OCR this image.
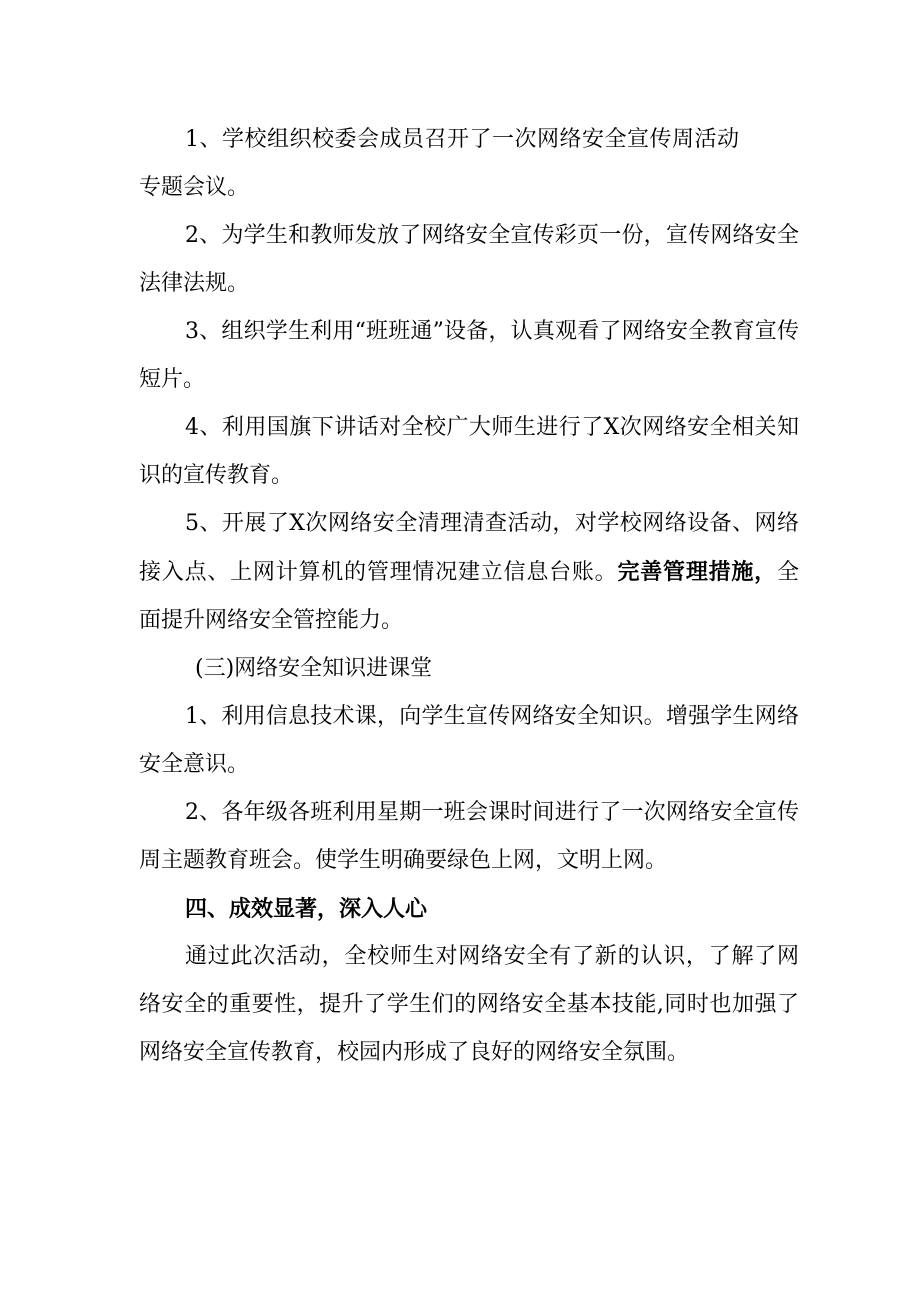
1、学校组织校委会成员召开了一次网络安全宣传周活动专题会议。

2、为学生和教师发放了网络安全宣传彩页一份，宣传网络安全法律法规。

3、组织学生利用“班班通”设备，认真观看了网络安全教育宣传短片。

4、利用国旗下讲话对全校广大师生进行了X次网络安全相关知识的宣传教育。

5、开展了X次网络安全清理清查活动，对学校网络设备、网络接入点、上网计算机的管理情况建立信息台账。完善管理措施，全面提升网络安全管控能力。

(三)网络安全知识进课堂

1、利用信息技术课，向学生宣传网络安全知识。增强学生网络安全意识。

2、各年级各班利用星期一班会课时间进行了一次网络安全宣传周主题教育班会。使学生明确要绿色上网，文明上网。

四、成效显著，深入人心

通过此次活动，全校师生对网络安全有了新的认识，了解了网络安全的重要性，提升了学生们的网络安全基本技能,同时也加强了网络安全宣传教育，校园内形成了良好的网络安全氛围。
